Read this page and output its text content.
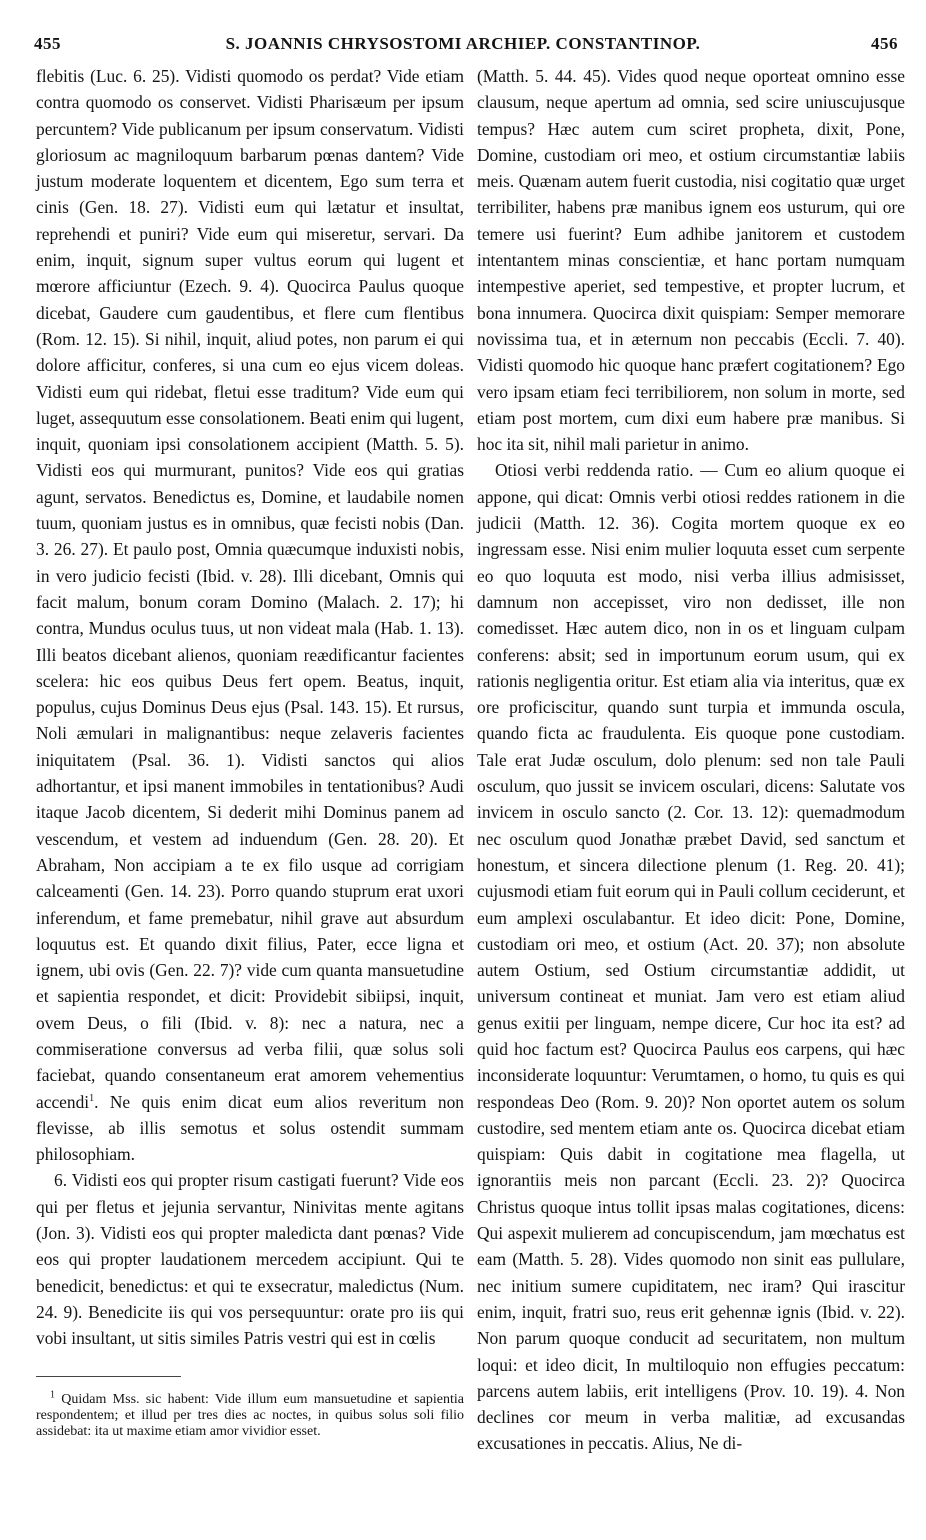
455	S. JOANNIS CHRYSOSTOMI ARCHIEP. CONSTANTINOP.	456

flebitis (Luc. 6. 25). Vidisti quomodo os perdat? Vide etiam contra quomodo os conservet. Vidisti Pharisæum per ipsum percuntem? Vide publicanum per ipsum conservatum. Vidisti gloriosum ac magniloquum barbarum pœnas dantem? Vide justum moderate loquentem et dicentem, Ego sum terra et cinis (Gen. 18. 27). Vidisti eum qui lætatur et insultat, reprehendi et puniri? Vide eum qui miseretur, servari. Da enim, inquit, signum super vultus eorum qui lugent et mœrore afficiuntur (Ezech. 9. 4). Quocirca Paulus quoque dicebat, Gaudere cum gaudentibus, et flere cum flentibus (Rom. 12. 15). Si nihil, inquit, aliud potes, non parum ei qui dolore afficitur, conferes, si una cum eo ejus vicem doleas. Vidisti eum qui ridebat, fletui esse traditum? Vide eum qui luget, assequutum esse consolationem. Beati enim qui lugent, inquit, quoniam ipsi consolationem accipient (Matth. 5. 5). Vidisti eos qui murmurant, punitos? Vide eos qui gratias agunt, servatos. Benedictus es, Domine, et laudabile nomen tuum, quoniam justus es in omnibus, quæ fecisti nobis (Dan. 3. 26. 27). Et paulo post, Omnia quæcumque induxisti nobis, in vero judicio fecisti (Ibid. v. 28). Illi dicebant, Omnis qui facit malum, bonum coram Domino (Malach. 2. 17); hi contra, Mundus oculus tuus, ut non videat mala (Hab. 1. 13). Illi beatos dicebant alienos, quoniam reædificantur facientes scelera: hic eos quibus Deus fert opem. Beatus, inquit, populus, cujus Dominus Deus ejus (Psal. 143. 15). Et rursus, Noli æmulari in malignantibus: neque zelaveris facientes iniquitatem (Psal. 36. 1). Vidisti sanctos qui alios adhortantur, et ipsi manent immobiles in tentationibus? Audi itaque Jacob dicentem, Si dederit mihi Dominus panem ad vescendum, et vestem ad induendum (Gen. 28. 20). Et Abraham, Non accipiam a te ex filo usque ad corrigiam calceamenti (Gen. 14. 23). Porro quando stuprum erat uxori inferendum, et fame premebatur, nihil grave aut absurdum loquutus est. Et quando dixit filius, Pater, ecce ligna et ignem, ubi ovis (Gen. 22. 7)? vide cum quanta mansuetudine et sapientia respondet, et dicit: Providebit sibiipsi, inquit, ovem Deus, o fili (Ibid. v. 8): nec a natura, nec a commiseratione conversus ad verba filii, quæ solus soli faciebat, quando consentaneum erat amorem vehementius accendi$^1$. Ne quis enim dicat eum alios reveritum non flevisse, ab illis semotus et solus ostendit summam philosophiam.

6. Vidisti eos qui propter risum castigati fuerunt? Vide eos qui per fletus et jejunia servantur, Ninivitas mente agitans (Jon. 3). Vidisti eos qui propter maledicta dant pœnas? Vide eos qui propter laudationem mercedem accipiunt. Qui te benedicit, benedictus: et qui te exsecratur, maledictus (Num. 24. 9). Benedicite iis qui vos persequuntur: orate pro iis qui vobi insultant, ut sitis similes Patris vestri qui est in cœlis

$^1$ Quidam Mss. sic habent: Vide illum eum mansuetudine et sapientia respondentem; et illud per tres dies ac noctes, in quibus solus soli filio assidebat: ita ut maxime etiam amor vividior esset.

(Matth. 5. 44. 45). Vides quod neque oporteat omnino esse clausum, neque apertum ad omnia, sed scire uniuscujusque tempus? Hæc autem cum sciret propheta, dixit, Pone, Domine, custodiam ori meo, et ostium circumstantiæ labiis meis. Quænam autem fuerit custodia, nisi cogitatio quæ urget terribiliter, habens præ manibus ignem eos usturum, qui ore temere usi fuerint? Eum adhibe janitorem et custodem intentantem minas conscientiæ, et hanc portam numquam intempestive aperiet, sed tempestive, et propter lucrum, et bona innumera. Quocirca dixit quispiam: Semper memorare novissima tua, et in æternum non peccabis (Eccli. 7. 40). Vidisti quomodo hic quoque hanc præfert cogitationem? Ego vero ipsam etiam feci terribiliorem, non solum in morte, sed etiam post mortem, cum dixi eum habere præ manibus. Si hoc ita sit, nihil mali parietur in animo.

Otiosi verbi reddenda ratio. — Cum eo alium quoque ei appone, qui dicat: Omnis verbi otiosi reddes rationem in die judicii (Matth. 12. 36). Cogita mortem quoque ex eo ingressam esse. Nisi enim mulier loquuta esset cum serpente eo quo loquuta est modo, nisi verba illius admisisset, damnum non accepisset, viro non dedisset, ille non comedisset. Hæc autem dico, non in os et linguam culpam conferens: absit; sed in importunum eorum usum, qui ex rationis negligentia oritur. Est etiam alia via interitus, quæ ex ore proficiscitur, quando sunt turpia et immunda oscula, quando ficta ac fraudulenta. Eis quoque pone custodiam. Tale erat Judæ osculum, dolo plenum: sed non tale Pauli osculum, quo jussit se invicem osculari, dicens: Salutate vos invicem in osculo sancto (2. Cor. 13. 12): quemadmodum nec osculum quod Jonathæ præbet David, sed sanctum et honestum, et sincera dilectione plenum (1. Reg. 20. 41); cujusmodi etiam fuit eorum qui in Pauli collum ceciderunt, et eum amplexi osculabantur. Et ideo dicit: Pone, Domine, custodiam ori meo, et ostium (Act. 20. 37); non absolute autem Ostium, sed Ostium circumstantiæ addidit, ut universum contineat et muniat. Jam vero est etiam aliud genus exitii per linguam, nempe dicere, Cur hoc ita est? ad quid hoc factum est? Quocirca Paulus eos carpens, qui hæc inconsiderate loquuntur: Verumtamen, o homo, tu quis es qui respondeas Deo (Rom. 9. 20)? Non oportet autem os solum custodire, sed mentem etiam ante os. Quocirca dicebat etiam quispiam: Quis dabit in cogitatione mea flagella, ut ignorantiis meis non parcant (Eccli. 23. 2)? Quocirca Christus quoque intus tollit ipsas malas cogitationes, dicens: Qui aspexit mulierem ad concupiscendum, jam mœchatus est eam (Matth. 5. 28). Vides quomodo non sinit eas pullulare, nec initium sumere cupiditatem, nec iram? Qui irascitur enim, inquit, fratri suo, reus erit gehennæ ignis (Ibid. v. 22). Non parum quoque conducit ad securitatem, non multum loqui: et ideo dicit, In multiloquio non effugies peccatum: parcens autem labiis, erit intelligens (Prov. 10. 19). 4. Non declines cor meum in verba malitiæ, ad excusandas excusationes in peccatis. Alius, Ne di-
